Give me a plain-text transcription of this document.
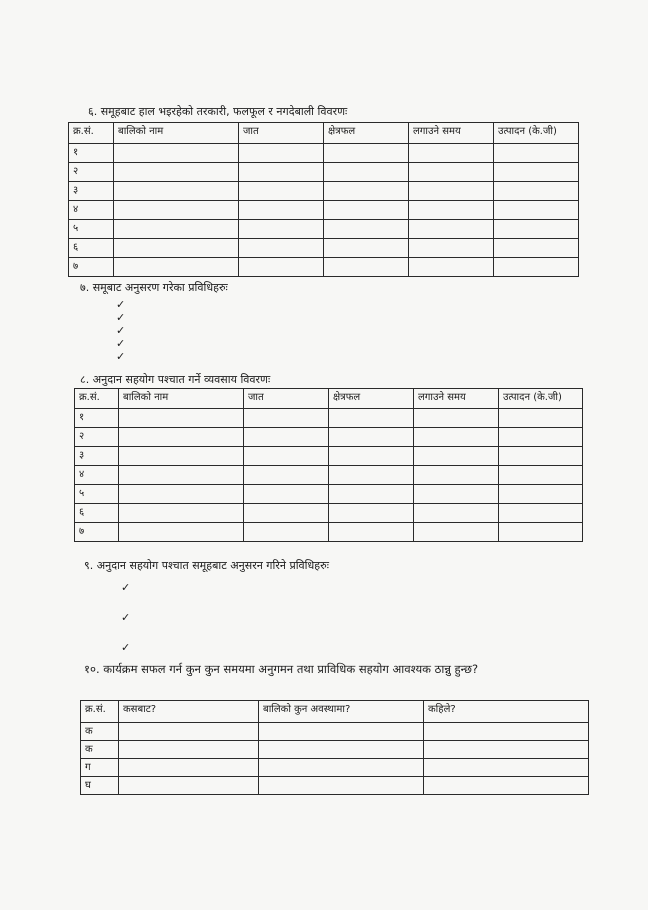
६. समूहबाट हाल भइरहेको तरकारी, फलफूल र नगदेबाली विवरणः
क्र.सं.	बालिको नाम	जात	क्षेत्रफल	लगाउने समय	उत्पादन (के.जी)
१					
२					
३					
४					
५					
६					
७					
७. समूबाट अनुसरण गरेका प्रविधिहरुः
✓
✓
✓
✓
✓
८. अनुदान सहयोग पश्चात गर्ने व्यवसाय विवरणः
क्र.सं.	बालिको नाम	जात	क्षेत्रफल	लगाउने समय	उत्पादन (के.जी)
१					
२					
३					
४					
५					
६					
७					
९. अनुदान सहयोग पश्चात समूहबाट अनुसरन गरिने प्रविधिहरुः
✓
✓
✓
१०. कार्यक्रम सफल गर्न कुन कुन समयमा अनुगमन तथा प्राविधिक सहयोग आवश्यक ठान्नु हुन्छ?
क्र.सं.	कसबाट?	बालिको कुन अवस्थामा?	कहिले?
क			
क			
ग			
घ			
